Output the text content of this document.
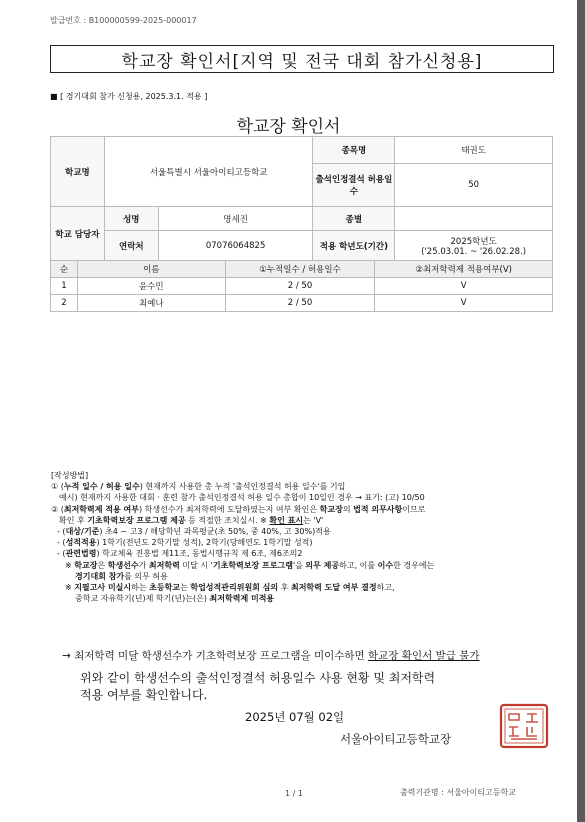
발급번호 : B100000599-2025-000017
학교장 확인서[지역 및 전국 대회 참가신청용]
■ [ 경기대회 참가 신청용, 2025.3.1. 적용 ]
학교장 확인서
학교명	서울특별시 서울아이티고등학교		종목명	태권도
			출석인정결석 허용일수	50
학교 담당자	성명	명세진	종별	
	연락처	07076064825	적용 학년도(기간)	2025학년도
('25.03.01. ~ '26.02.28.)
순	이름	①누적일수 / 허용일수	②최저학력제 적용여부(V)
1	윤수민	2 / 50	V
2	최예나	2 / 50	V
[작성방법]
① (누적 일수 / 허용 일수) 현재까지 사용한 총 누적 '출석인정결석 허용 일수'를 기입
예시) 현재까지 사용한 대회 · 훈련 참가 출석인정결석 허용 일수 총합이 10일인 경우 → 표기: (고) 10/50
② (최저학력제 적용 여부) 학생선수가 최저학력에 도달하였는지 여부 확인은 학교장의 법적 의무사항이므로
확인 후 기초학력보장 프로그램 제공 등 적절한 조치실시. ※ 확인 표시는 'V'
- (대상/기준) 초4 ~ 고3 / 해당학년 과목평균(초 50%, 중 40%, 고 30%)적용
- (성적적용) 1학기(전년도 2학기말 성적), 2학기(당해연도 1학기말 성적)
- (관련법령) 학교체육 진흥법 제11조, 동법시행규칙 제 6조, 제6조의2
※ 학교장은 학생선수가 최저학력 미달 시 '기초학력보장 프로그램'을 의무 제공하고, 이를 이수한 경우에는
경기대회 참가를 의무 허용
※ 지필고사 미실시하는 초등학교는 학업성적관리위원회 심의 후 최저학력 도달 여부 결정하고,
중학교 자유학기(년)제 학기(년)는(은) 최저학력제 미적용
→ 최저학력 미달 학생선수가 기초학력보장 프로그램을 미이수하면 학교장 확인서 발급 불가
위와 같이 학생선수의 출석인정결석 허용일수 사용 현황 및 최저학력
적용 여부를 확인합니다.
2025년 07월 02일
서울아이티고등학교장
1 / 1	출력기관명 : 서울아이티고등학교
